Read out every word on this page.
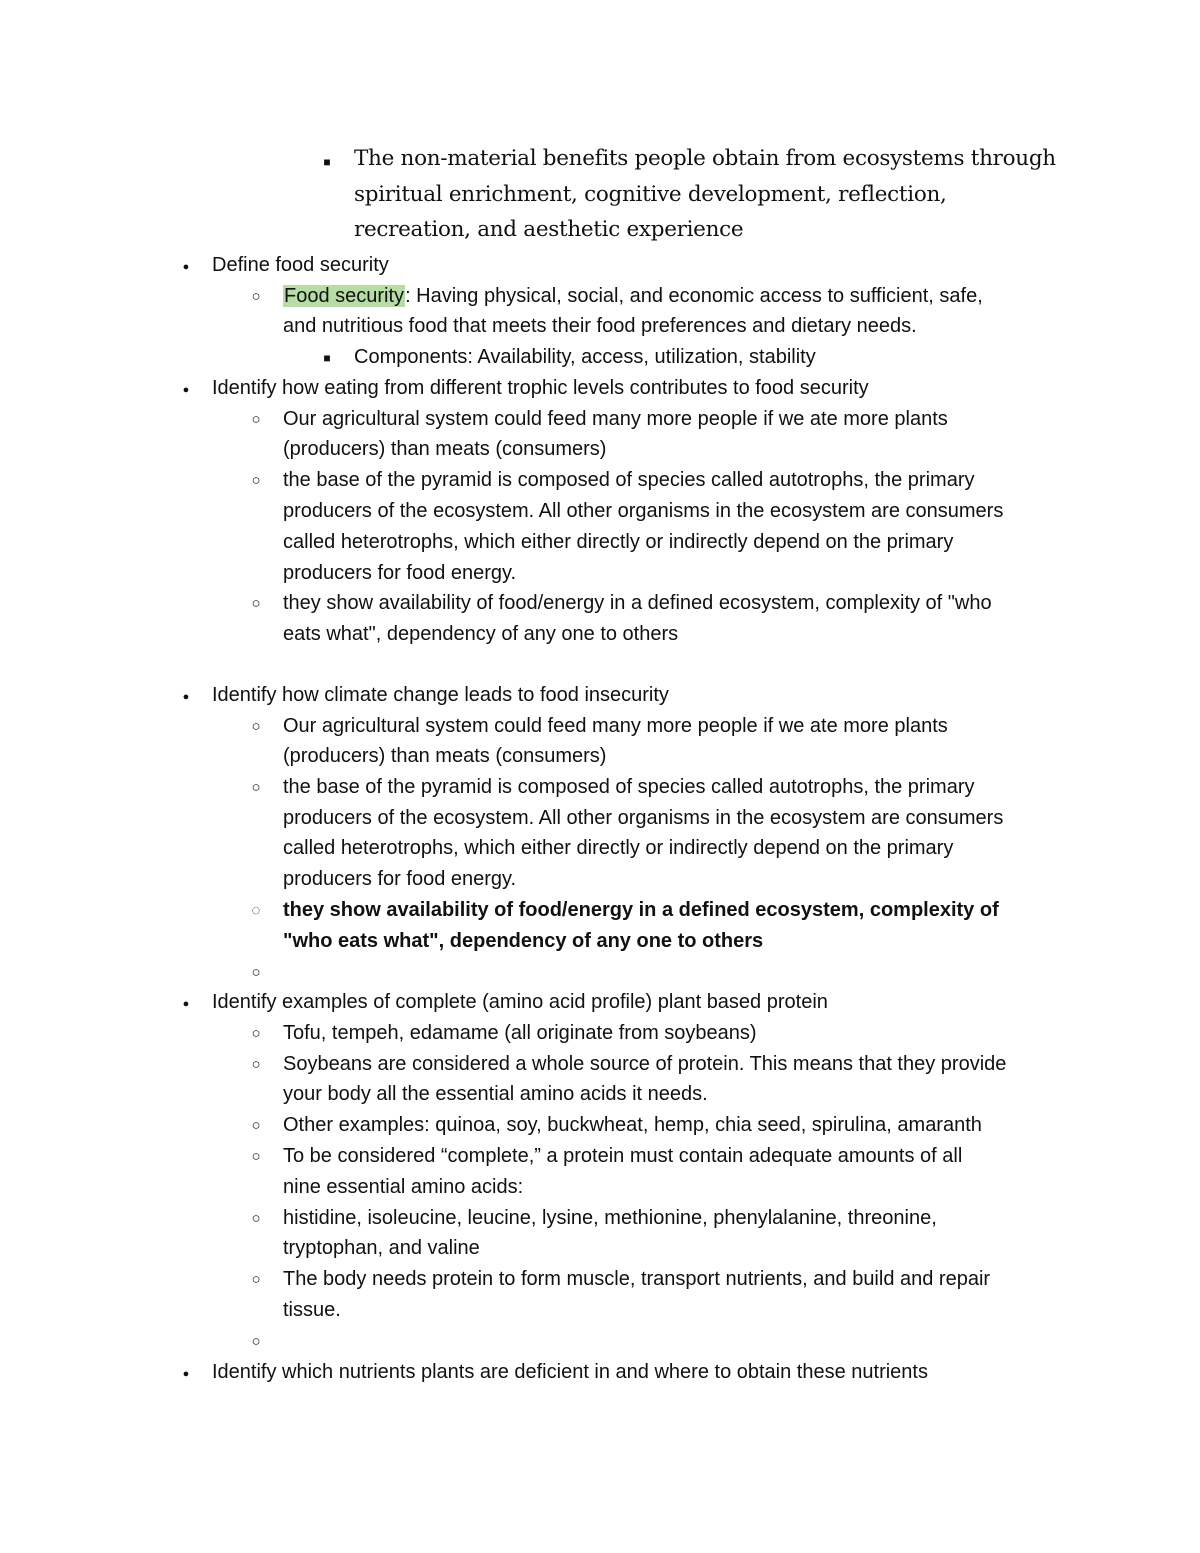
■
The non-material benefits people obtain from ecosystems through
spiritual enrichment, cognitive development, reflection,
recreation, and aesthetic experience
●
Define food security
○
Food security: Having physical, social, and economic access to sufficient, safe,
and nutritious food that meets their food preferences and dietary needs.
■
Components: Availability, access, utilization, stability
●
Identify how eating from different trophic levels contributes to food security
○
Our agricultural system could feed many more people if we ate more plants
(producers) than meats (consumers)
○
the base of the pyramid is composed of species called autotrophs, the primary
producers of the ecosystem. All other organisms in the ecosystem are consumers
called heterotrophs, which either directly or indirectly depend on the primary
producers for food energy.
○
they show availability of food/energy in a defined ecosystem, complexity of "who
eats what", dependency of any one to others
●
Identify how climate change leads to food insecurity
○
Our agricultural system could feed many more people if we ate more plants
(producers) than meats (consumers)
○
the base of the pyramid is composed of species called autotrophs, the primary
producers of the ecosystem. All other organisms in the ecosystem are consumers
called heterotrophs, which either directly or indirectly depend on the primary
producers for food energy.
◌
they show availability of food/energy in a defined ecosystem, complexity of
"who eats what", dependency of any one to others
○
●
Identify examples of complete (amino acid profile) plant based protein
○
Tofu, tempeh, edamame (all originate from soybeans)
○
Soybeans are considered a whole source of protein. This means that they provide
your body all the essential amino acids it needs.
○
Other examples: quinoa, soy, buckwheat, hemp, chia seed, spirulina, amaranth
○
To be considered “complete,” a protein must contain adequate amounts of all
nine essential amino acids:
○
histidine, isoleucine, leucine, lysine, methionine, phenylalanine, threonine,
tryptophan, and valine
○
The body needs protein to form muscle, transport nutrients, and build and repair
tissue.
○
●
Identify which nutrients plants are deficient in and where to obtain these nutrients
